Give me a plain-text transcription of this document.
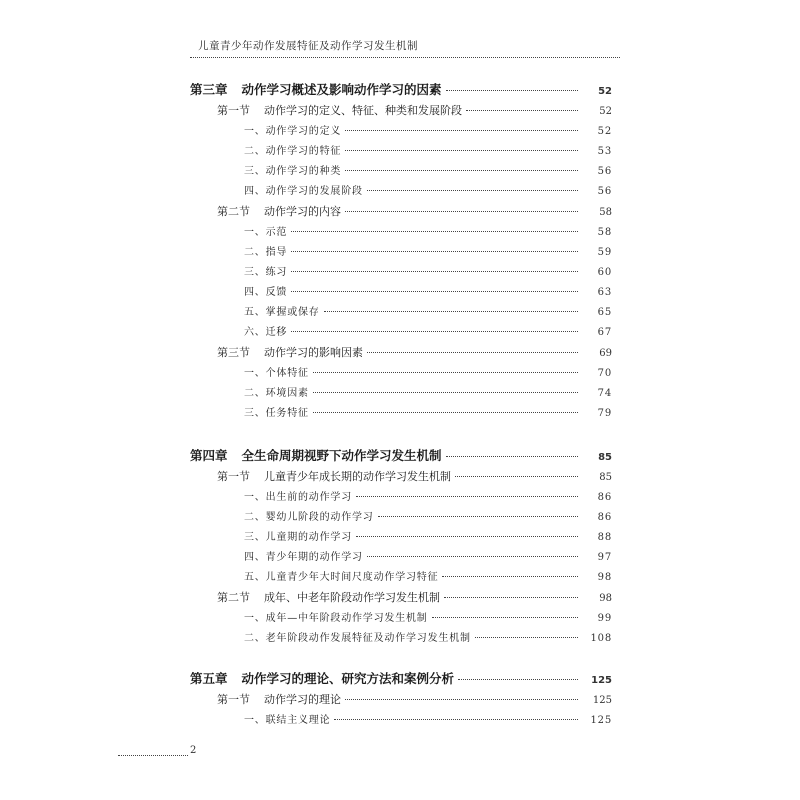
儿童青少年动作发展特征及动作学习发生机制
第三章 动作学习概述及影响动作学习的因素	52
第一节 动作学习的定义、特征、种类和发展阶段	52
一、动作学习的定义	52
二、动作学习的特征	53
三、动作学习的种类	56
四、动作学习的发展阶段	56
第二节 动作学习的内容	58
一、示范	58
二、指导	59
三、练习	60
四、反馈	63
五、掌握或保存	65
六、迁移	67
第三节 动作学习的影响因素	69
一、个体特征	70
二、环境因素	74
三、任务特征	79
第四章 全生命周期视野下动作学习发生机制	85
第一节 儿童青少年成长期的动作学习发生机制	85
一、出生前的动作学习	86
二、婴幼儿阶段的动作学习	86
三、儿童期的动作学习	88
四、青少年期的动作学习	97
五、儿童青少年大时间尺度动作学习特征	98
第二节 成年、中老年阶段动作学习发生机制	98
一、成年—中年阶段动作学习发生机制	99
二、老年阶段动作发展特征及动作学习发生机制	108
第五章 动作学习的理论、研究方法和案例分析	125
第一节 动作学习的理论	125
一、联结主义理论	125
2
